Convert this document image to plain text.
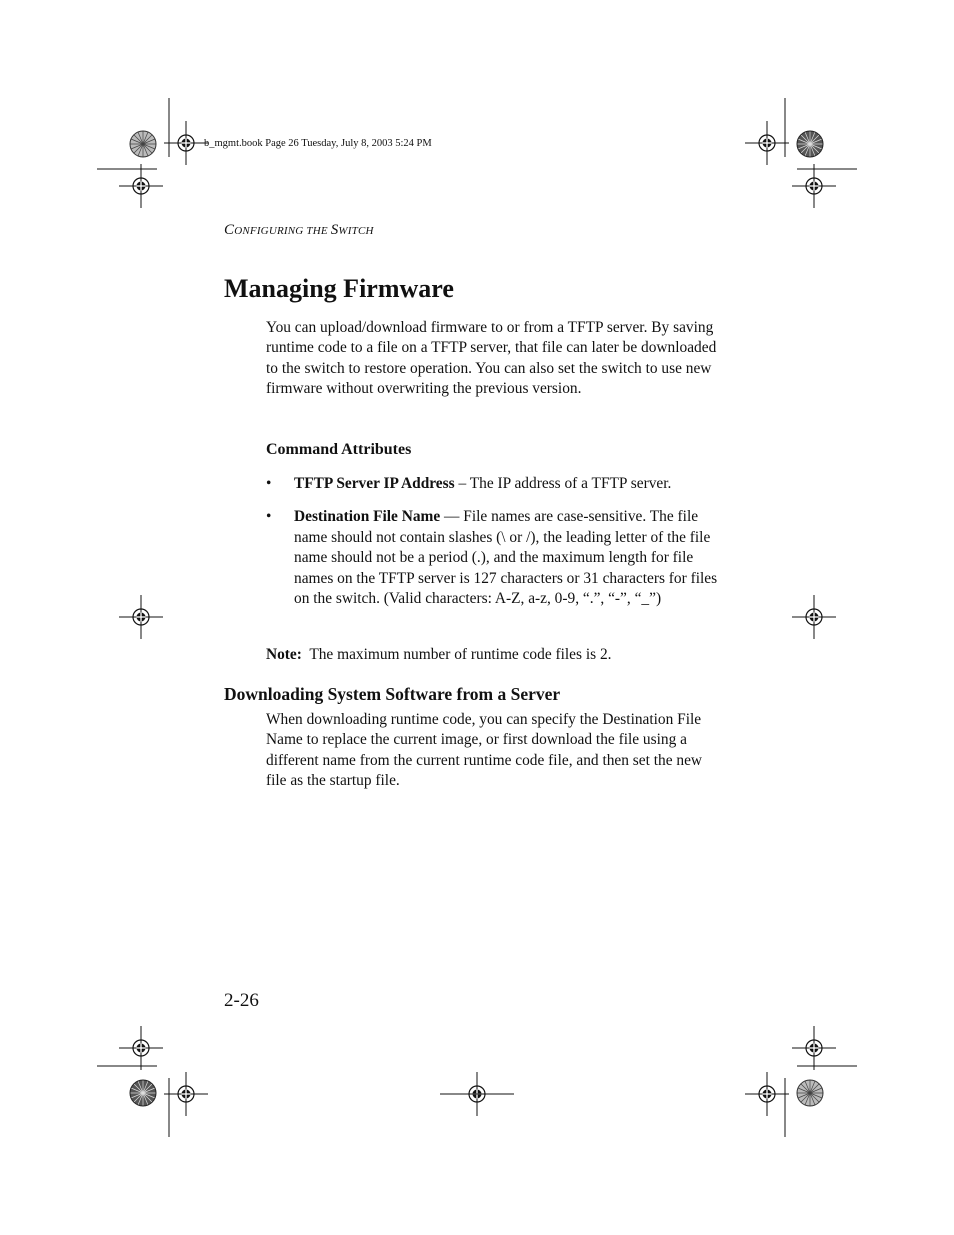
b_mgmt.book Page 26 Tuesday, July 8, 2003 5:24 PM
CONFIGURING THE SWITCH
Managing Firmware

You can upload/download firmware to or from a TFTP server. By saving runtime code to a file on a TFTP server, that file can later be downloaded to the switch to restore operation. You can also set the switch to use new firmware without overwriting the previous version.

Command Attributes
• TFTP Server IP Address – The IP address of a TFTP server.
• Destination File Name — File names are case-sensitive. The file name should not contain slashes (\ or /), the leading letter of the file name should not be a period (.), and the maximum length for file names on the TFTP server is 127 characters or 31 characters for files on the switch. (Valid characters: A-Z, a-z, 0-9, “.”, “-”, “_”)

Note:  The maximum number of runtime code files is 2.

Downloading System Software from a Server

When downloading runtime code, you can specify the Destination File Name to replace the current image, or first download the file using a different name from the current runtime code file, and then set the new file as the startup file.

2-26
